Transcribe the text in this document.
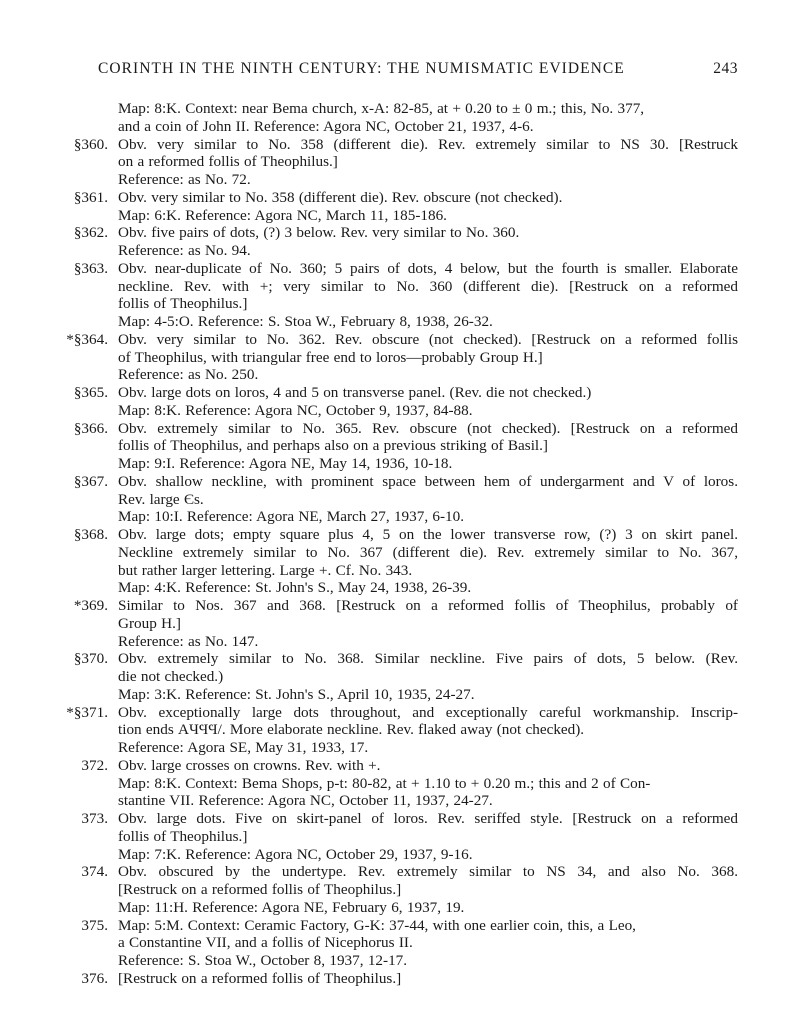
CORINTH IN THE NINTH CENTURY: THE NUMISMATIC EVIDENCE	243
Map: 8:K. Context: near Bema church, x-A: 82-85, at + 0.20 to ± 0 m.; this, No. 377,
and a coin of John II. Reference: Agora NC, October 21, 1937, 4-6.
Obv. very similar to No. 358 (different die). Rev. extremely similar to NS 30. [Restruck
§360.
on a reformed follis of Theophilus.]
Reference: as No. 72.
Obv. very similar to No. 358 (different die). Rev. obscure (not checked).
§361.
Map: 6:K. Reference: Agora NC, March 11, 185-186.
Obv. five pairs of dots, (?) 3 below. Rev. very similar to No. 360.
§362.
Reference: as No. 94.
Obv. near-duplicate of No. 360; 5 pairs of dots, 4 below, but the fourth is smaller. Elaborate
§363.
neckline. Rev. with +; very similar to No. 360 (different die). [Restruck on a reformed
follis of Theophilus.]
Map: 4-5:O. Reference: S. Stoa W., February 8, 1938, 26-32.
Obv. very similar to No. 362. Rev. obscure (not checked). [Restruck on a reformed follis
*§364.
of Theophilus, with triangular free end to loros—probably Group H.]
Reference: as No. 250.
Obv. large dots on loros, 4 and 5 on transverse panel. (Rev. die not checked.)
§365.
Map: 8:K. Reference: Agora NC, October 9, 1937, 84-88.
Obv. extremely similar to No. 365. Rev. obscure (not checked). [Restruck on a reformed
§366.
follis of Theophilus, and perhaps also on a previous striking of Basil.]
Map: 9:I. Reference: Agora NE, May 14, 1936, 10-18.
Obv. shallow neckline, with prominent space between hem of undergarment and V of loros.
§367.
Rev. large Єs.
Map: 10:I. Reference: Agora NE, March 27, 1937, 6-10.
Obv. large dots; empty square plus 4, 5 on the lower transverse row, (?) 3 on skirt panel.
§368.
Neckline extremely similar to No. 367 (different die). Rev. extremely similar to No. 367,
but rather larger lettering. Large +. Cf. No. 343.
Map: 4:K. Reference: St. John's S., May 24, 1938, 26-39.
Similar to Nos. 367 and 368. [Restruck on a reformed follis of Theophilus, probably of
*369.
Group H.]
Reference: as No. 147.
Obv. extremely similar to No. 368. Similar neckline. Five pairs of dots, 5 below. (Rev.
§370.
die not checked.)
Map: 3:K. Reference: St. John's S., April 10, 1935, 24-27.
Obv. exceptionally large dots throughout, and exceptionally careful workmanship. Inscrip-
*§371.
tion ends ΑЧϤϤ/. More elaborate neckline. Rev. flaked away (not checked).
Reference: Agora SE, May 31, 1933, 17.
Obv. large crosses on crowns. Rev. with +.
372.
Map: 8:K. Context: Bema Shops, p-t: 80-82, at + 1.10 to + 0.20 m.; this and 2 of Con-
stantine VII. Reference: Agora NC, October 11, 1937, 24-27.
Obv. large dots. Five on skirt-panel of loros. Rev. seriffed style. [Restruck on a reformed
373.
follis of Theophilus.]
Map: 7:K. Reference: Agora NC, October 29, 1937, 9-16.
Obv. obscured by the undertype. Rev. extremely similar to NS 34, and also No. 368.
374.
[Restruck on a reformed follis of Theophilus.]
Map: 11:H. Reference: Agora NE, February 6, 1937, 19.
Map: 5:M. Context: Ceramic Factory, G-K: 37-44, with one earlier coin, this, a Leo,
375.
a Constantine VII, and a follis of Nicephorus II.
Reference: S. Stoa W., October 8, 1937, 12-17.
[Restruck on a reformed follis of Theophilus.]
376.
